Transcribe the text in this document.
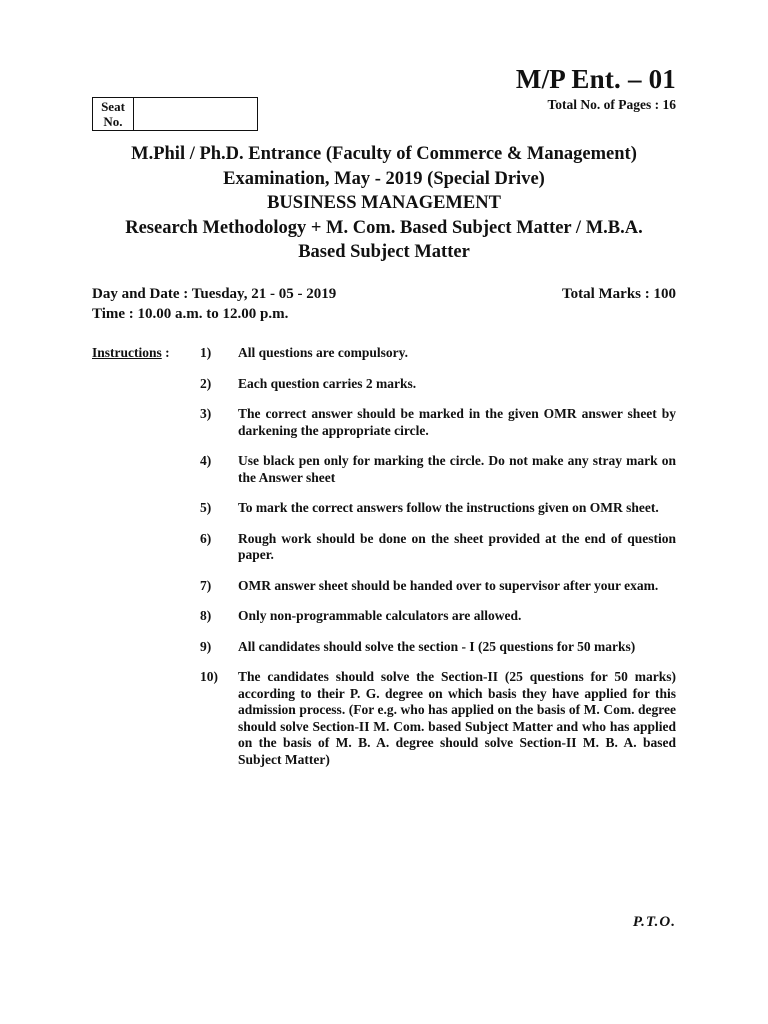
M/P Ent. – 01
Total No. of Pages : 16
Seat No.
M.Phil / Ph.D. Entrance (Faculty of Commerce & Management)
Examination, May - 2019 (Special Drive)
BUSINESS MANAGEMENT
Research Methodology + M. Com. Based Subject Matter / M.B.A.
Based Subject Matter
Day and Date : Tuesday, 21 - 05 - 2019	Total Marks : 100
Time : 10.00 a.m. to 12.00 p.m.
Instructions : 1)	All questions are compulsory.
2)	Each question carries 2 marks.
3)	The correct answer should be marked in the given OMR answer sheet by darkening the appropriate circle.
4)	Use black pen only for marking the circle. Do not make any stray mark on the Answer sheet
5)	To mark the correct answers follow the instructions given on OMR sheet.
6)	Rough work should be done on the sheet provided at the end of question paper.
7)	OMR answer sheet should be handed over to supervisor after your exam.
8)	Only non-programmable calculators are allowed.
9)	All candidates should solve the section - I (25 questions for 50 marks)
10)	The candidates should solve the Section-II (25 questions for 50 marks) according to their P. G. degree on which basis they have applied for this admission process. (For e.g. who has applied on the basis of M. Com. degree should solve Section-II M. Com. based Subject Matter and who has applied on the basis of M. B. A. degree should solve Section-II M. B. A. based Subject Matter)
P.T.O.
